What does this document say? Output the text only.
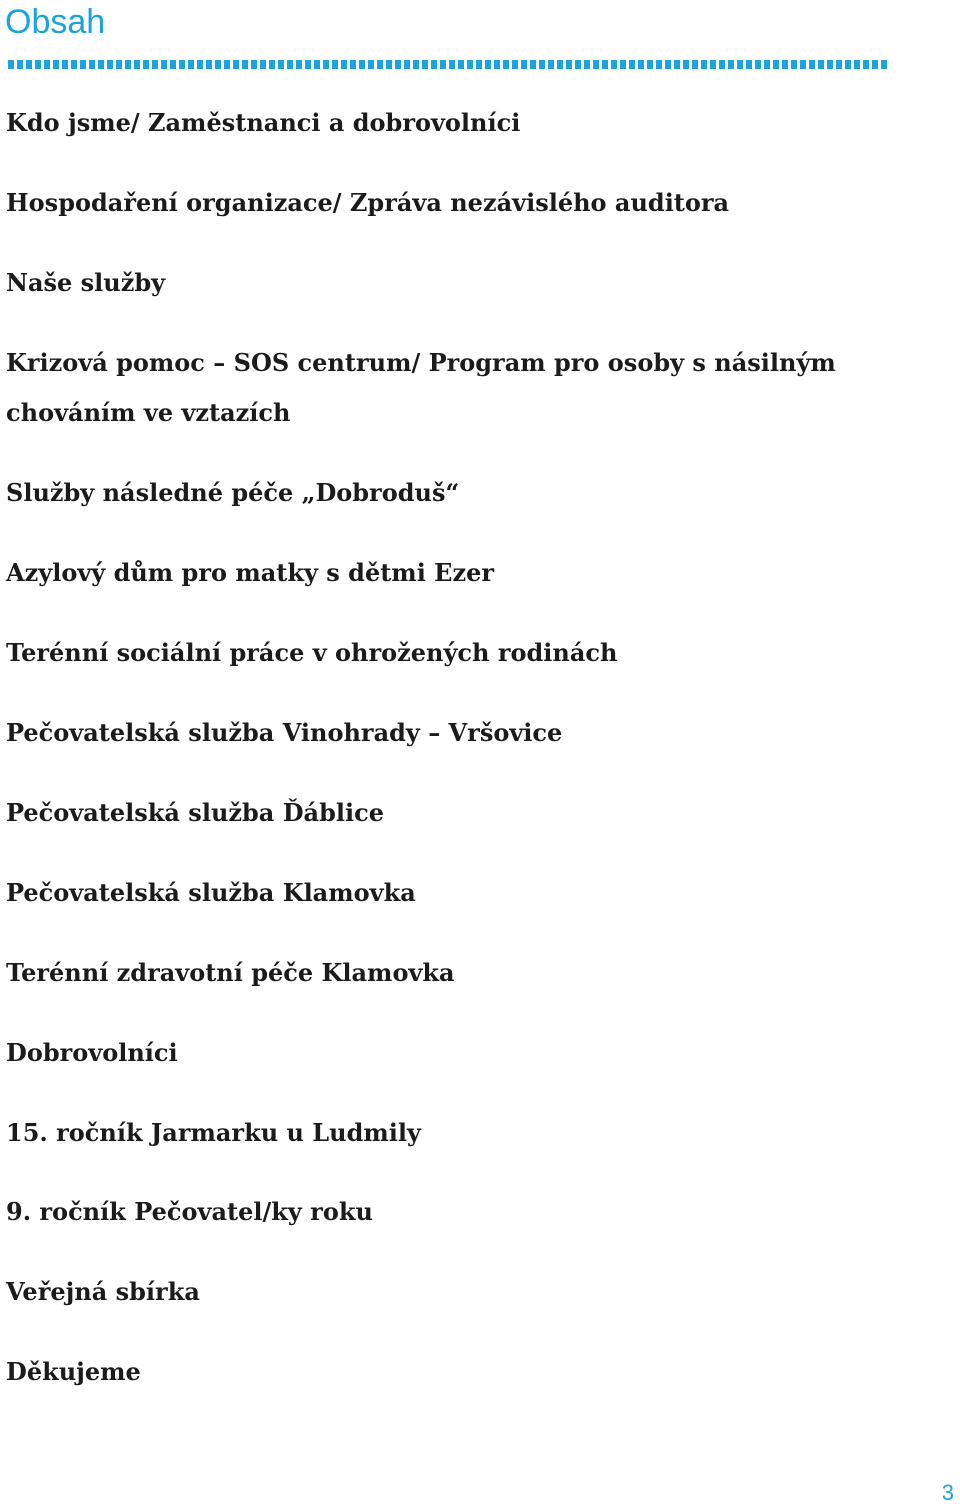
Obsah
Kdo jsme/ Zaměstnanci a dobrovolníci
Hospodaření organizace/ Zpráva nezávislého auditora
Naše služby
Krizová pomoc – SOS centrum/ Program pro osoby s násilným
chováním ve vztazích
Služby následné péče „Dobroduš“
Azylový dům pro matky s dětmi Ezer
Terénní sociální práce v ohrožených rodinách
Pečovatelská služba Vinohrady – Vršovice
Pečovatelská služba Ďáblice
Pečovatelská služba Klamovka
Terénní zdravotní péče Klamovka
Dobrovolníci
15. ročník Jarmarku u Ludmily
9. ročník Pečovatel/ky roku
Veřejná sbírka
Děkujeme
3
